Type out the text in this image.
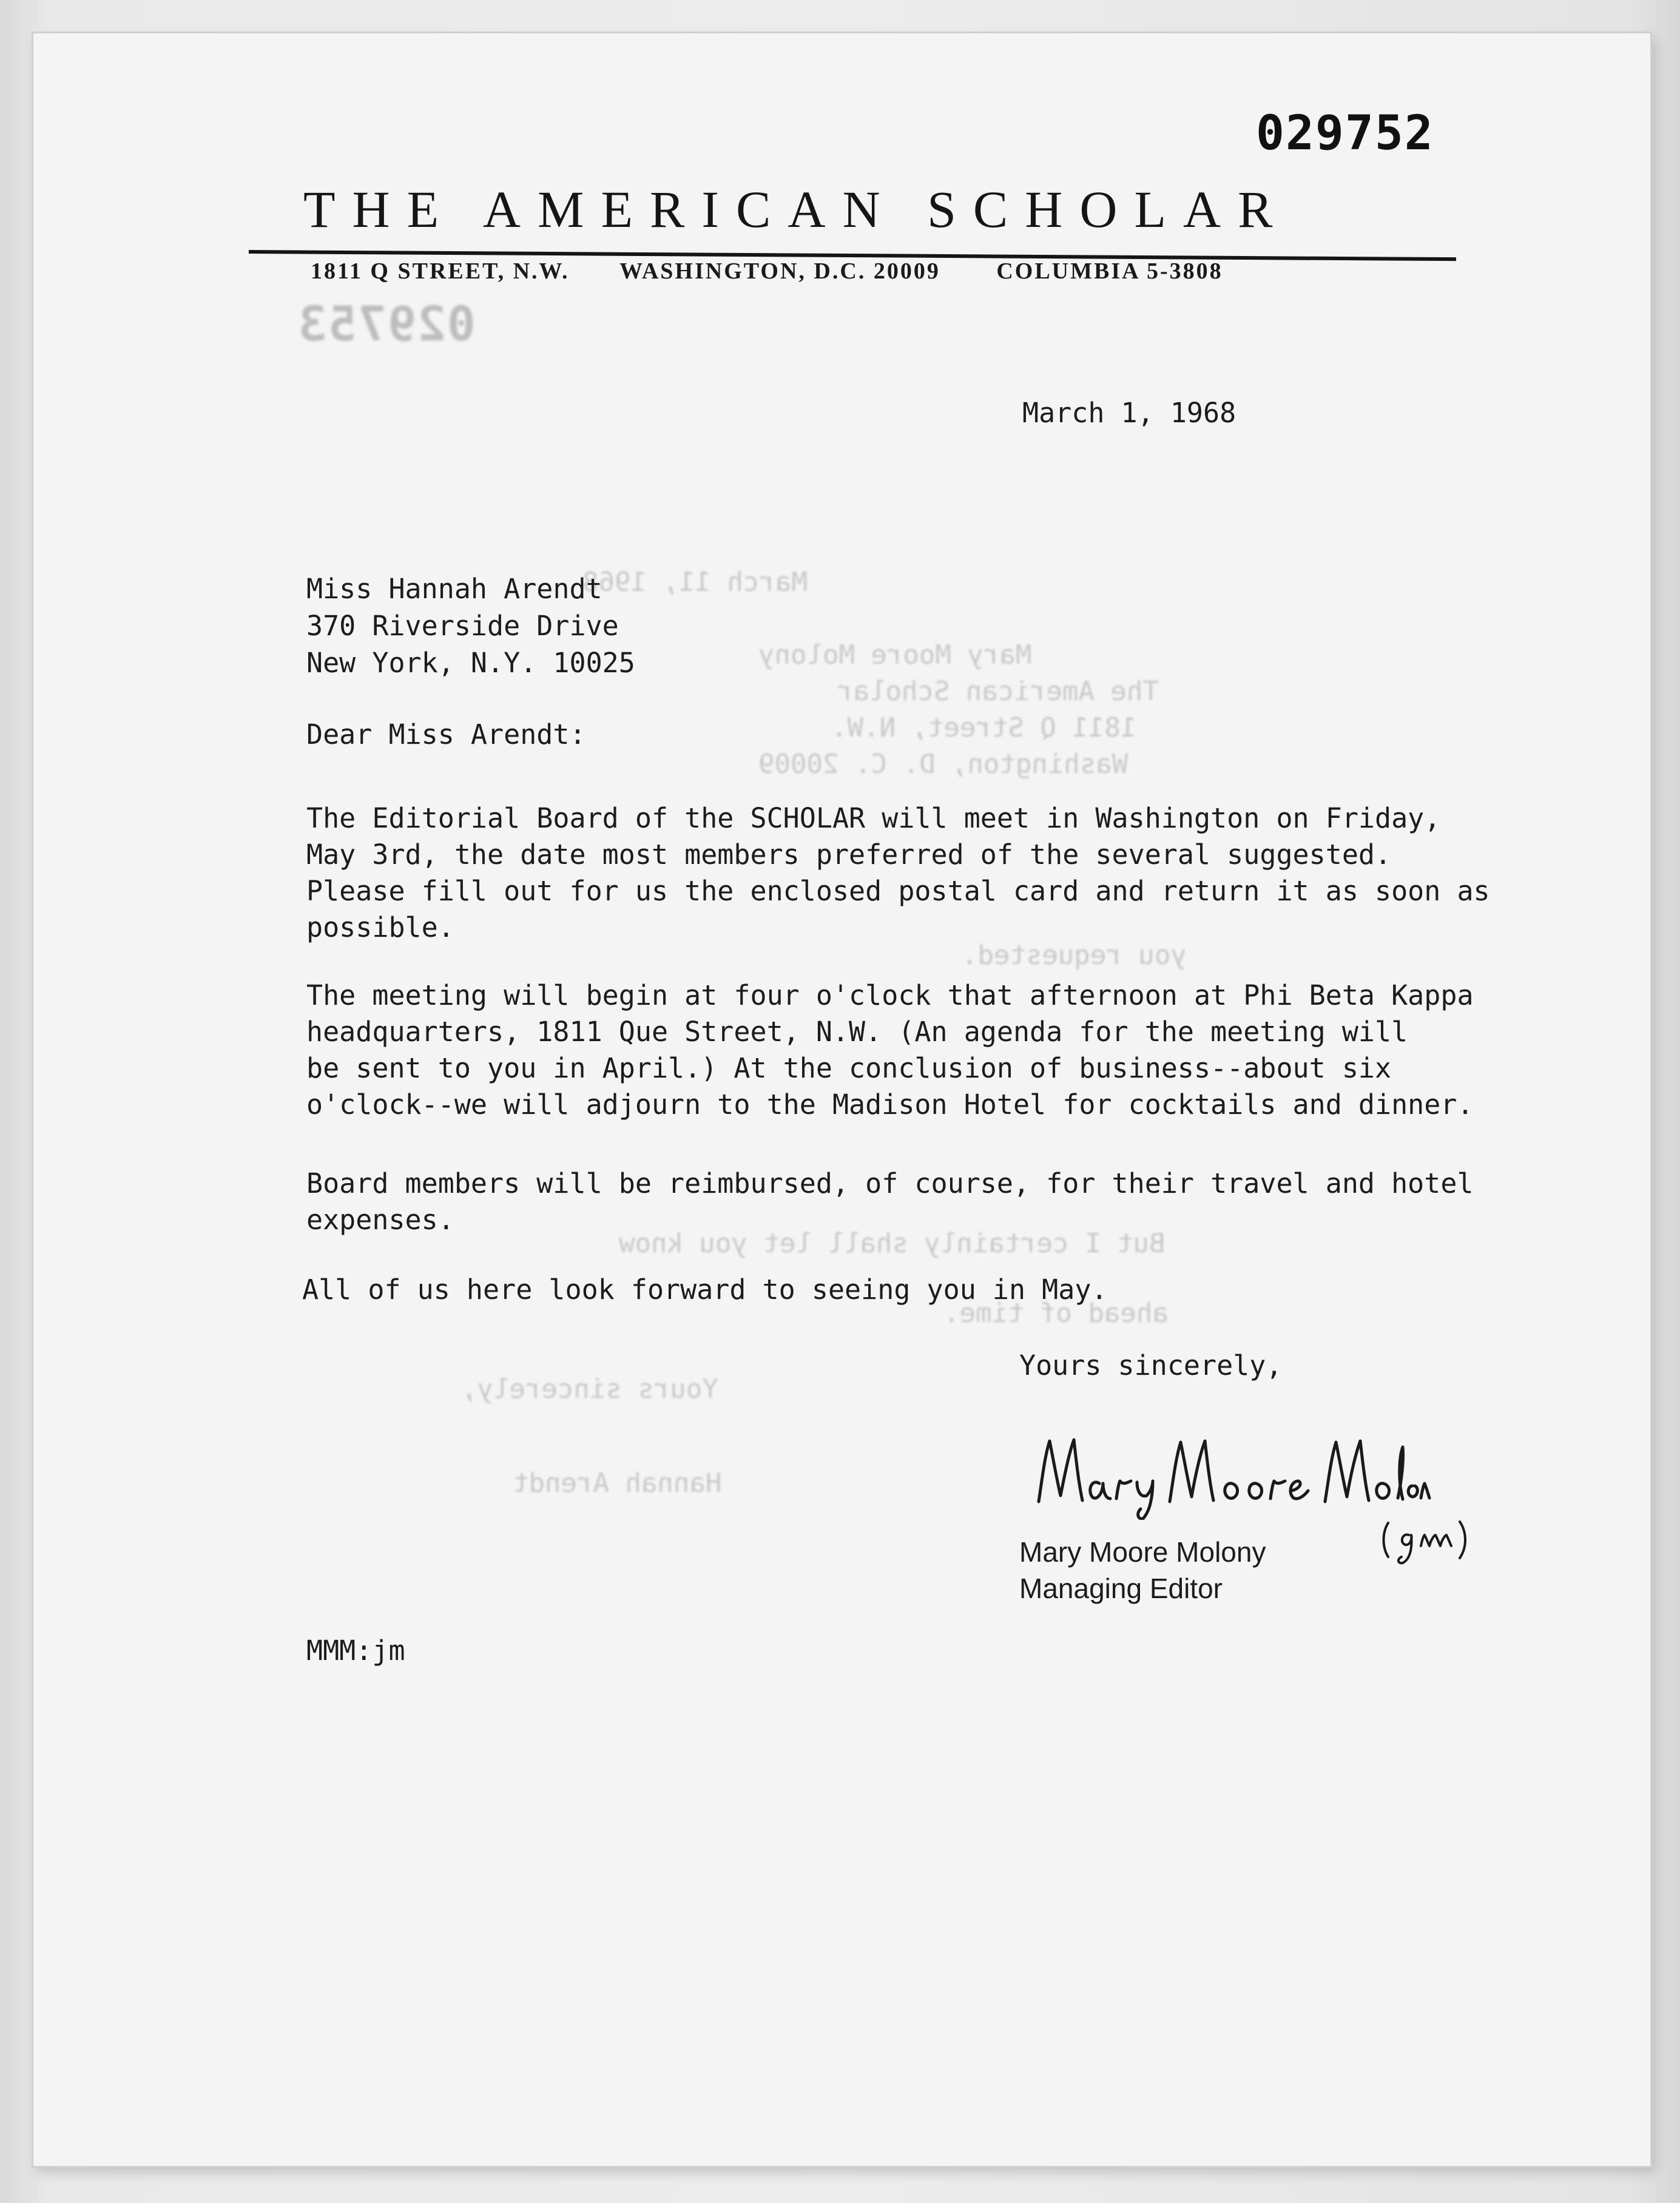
029752
THE AMERICAN SCHOLAR
1811 Q STREET, N.W. WASHINGTON, D.C. 20009 COLUMBIA 5-3808
029753
March 11, 1968
Mary Moore Molony
The American Scholar
1811 Q Street, N.W.
Washington, D. C. 20009
you requested.
But I certainly shall let you know
ahead of time.
Yours sincerely,
Hannah Arendt
March 1, 1968
Miss Hannah Arendt
370 Riverside Drive
New York, N.Y. 10025
Dear Miss Arendt:
The Editorial Board of the SCHOLAR will meet in Washington on Friday,
May 3rd, the date most members preferred of the several suggested.
Please fill out for us the enclosed postal card and return it as soon as
possible.
The meeting will begin at four o'clock that afternoon at Phi Beta Kappa
headquarters, 1811 Que Street, N.W. (An agenda for the meeting will
be sent to you in April.) At the conclusion of business--about six
o'clock--we will adjourn to the Madison Hotel for cocktails and dinner.
Board members will be reimbursed, of course, for their travel and hotel
expenses.
All of us here look forward to seeing you in May.
Yours sincerely,
Mary Moore Molony
Managing Editor
MMM:jm
